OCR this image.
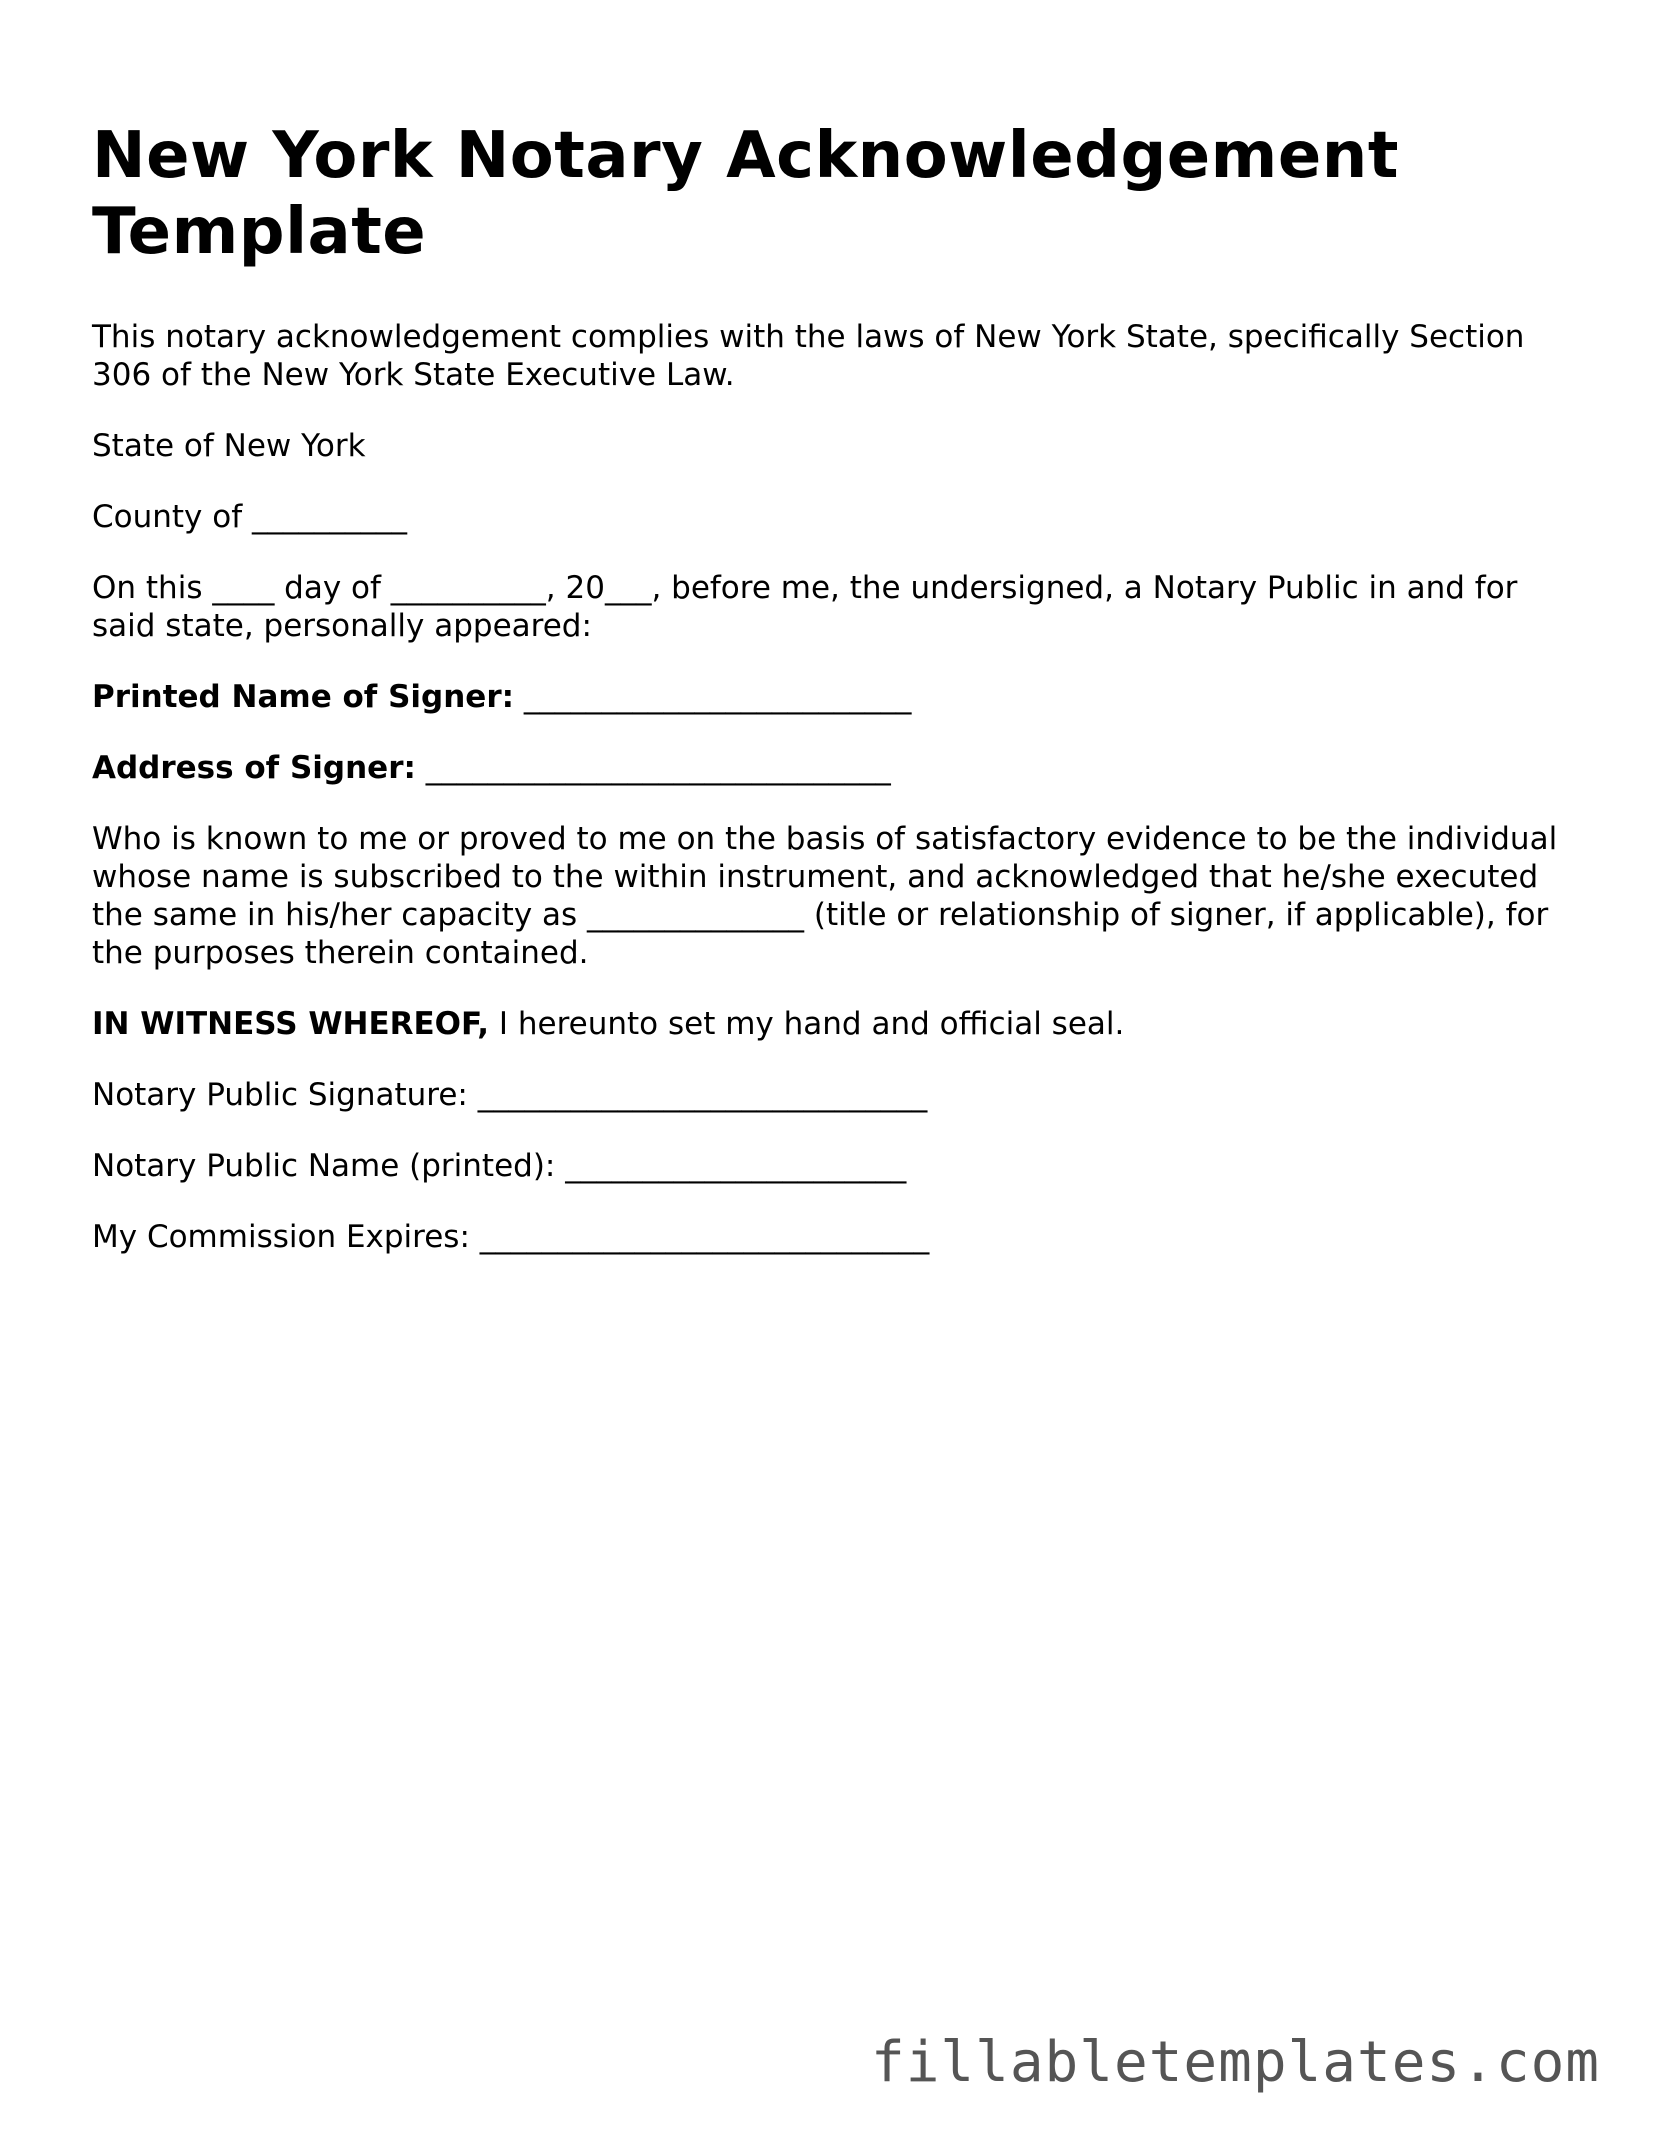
New York Notary Acknowledgement Template

This notary acknowledgement complies with the laws of New York State, specifically Section 306 of the New York State Executive Law.

State of New York

County of __________

On this ____ day of __________, 20___, before me, the undersigned, a Notary Public in and for said state, personally appeared:

Printed Name of Signer: _________________________

Address of Signer: ______________________________

Who is known to me or proved to me on the basis of satisfactory evidence to be the individual whose name is subscribed to the within instrument, and acknowledged that he/she executed the same in his/her capacity as ______________ (title or relationship of signer, if applicable), for the purposes therein contained.

IN WITNESS WHEREOF, I hereunto set my hand and official seal.

Notary Public Signature: _____________________________

Notary Public Name (printed): ______________________

My Commission Expires: _____________________________

fillabletemplates.com
